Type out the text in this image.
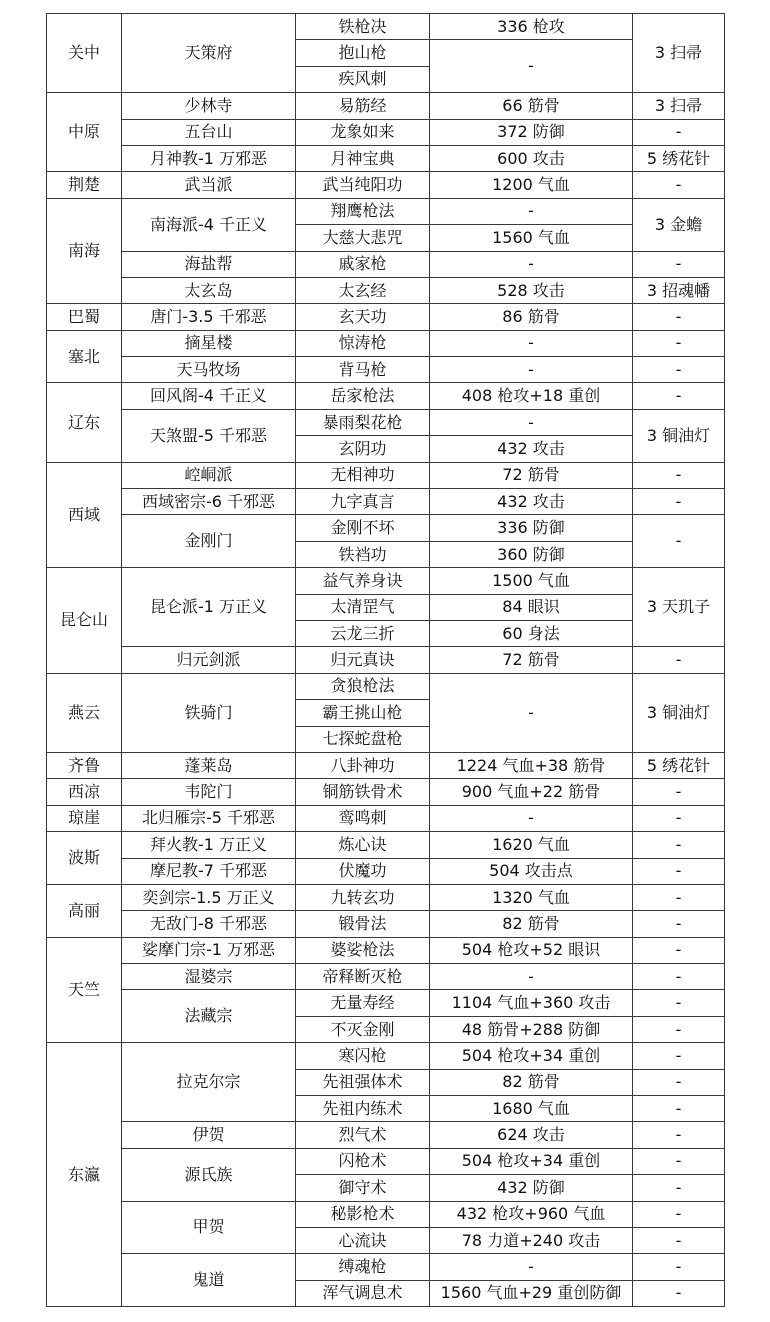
关中	天策府	铁枪决	336 枪攻	3 扫帚
		抱山枪	-	
		疾风刺		
中原	少林寺	易筋经	66 筋骨	3 扫帚
	五台山	龙象如来	372 防御	-
	月神教-1 万邪恶	月神宝典	600 攻击	5 绣花针
荆楚	武当派	武当纯阳功	1200 气血	-
南海	南海派-4 千正义	翔鹰枪法	-	3 金蟾
		大慈大悲咒	1560 气血	
	海盐帮	戚家枪	-	-
	太玄岛	太玄经	528 攻击	3 招魂幡
巴蜀	唐门-3.5 千邪恶	玄天功	86 筋骨	-
塞北	摘星楼	惊涛枪	-	-
	天马牧场	背马枪	-	-
辽东	回风阁-4 千正义	岳家枪法	408 枪攻+18 重创	-
	天煞盟-5 千邪恶	暴雨梨花枪	-	3 铜油灯
		玄阴功	432 攻击	
西域	崆峒派	无相神功	72 筋骨	-
	西域密宗-6 千邪恶	九字真言	432 攻击	-
	金刚门	金刚不坏	336 防御	-
		铁裆功	360 防御	
昆仑山	昆仑派-1 万正义	益气养身诀	1500 气血	3 天玑子
		太清罡气	84 眼识	
		云龙三折	60 身法	
	归元剑派	归元真诀	72 筋骨	-
燕云	铁骑门	贪狼枪法	-	3 铜油灯
		霸王挑山枪		
		七探蛇盘枪		
齐鲁	蓬莱岛	八卦神功	1224 气血+38 筋骨	5 绣花针
西凉	韦陀门	铜筋铁骨术	900 气血+22 筋骨	-
琼崖	北归雁宗-5 千邪恶	鸾鸣刺	-	-
波斯	拜火教-1 万正义	炼心诀	1620 气血	-
	摩尼教-7 千邪恶	伏魔功	504 攻击点	-
高丽	奕剑宗-1.5 万正义	九转玄功	1320 气血	-
	无敌门-8 千邪恶	锻骨法	82 筋骨	-
天竺	娑摩门宗-1 万邪恶	婆娑枪法	504 枪攻+52 眼识	-
	湿婆宗	帝释断灭枪	-	-
	法藏宗	无量寿经	1104 气血+360 攻击	-
		不灭金刚	48 筋骨+288 防御	-
东瀛	拉克尔宗	寒闪枪	504 枪攻+34 重创	-
		先祖强体术	82 筋骨	-
		先祖内练术	1680 气血	-
	伊贺	烈气术	624 攻击	-
	源氏族	闪枪术	504 枪攻+34 重创	-
		御守术	432 防御	-
	甲贺	秘影枪术	432 枪攻+960 气血	-
		心流诀	78 力道+240 攻击	-
	鬼道	缚魂枪	-	-
		浑气调息术	1560 气血+29 重创防御	-
